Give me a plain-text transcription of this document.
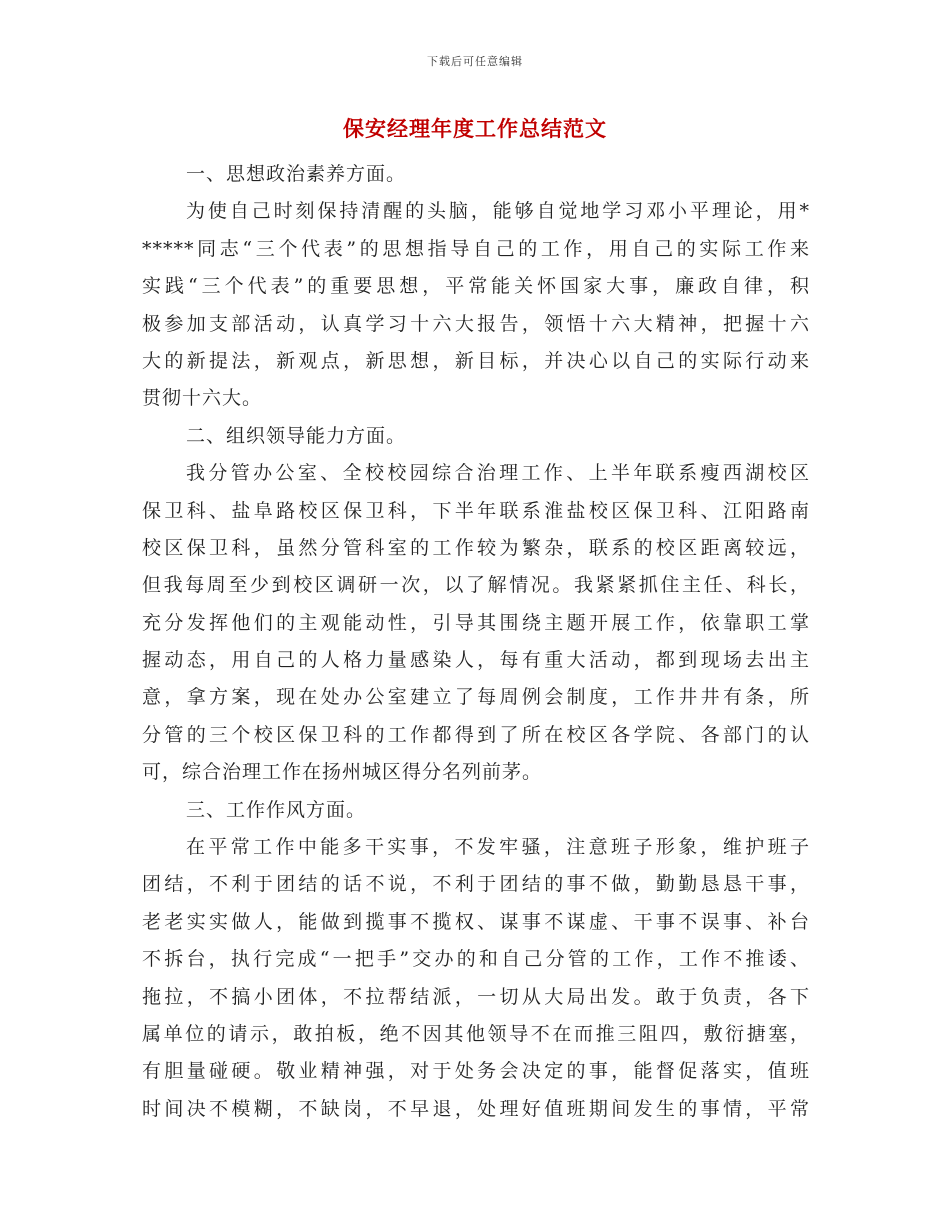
下载后可任意编辑
保安经理年度工作总结范文
一、思想政治素养方面。
为使自己时刻保持清醒的头脑，能够自觉地学习邓小平理论，用*
*****同志“三个代表”的思想指导自己的工作，用自己的实际工作来
实践“三个代表”的重要思想，平常能关怀国家大事，廉政自律，积
极参加支部活动，认真学习十六大报告，领悟十六大精神，把握十六
大的新提法，新观点，新思想，新目标，并决心以自己的实际行动来
贯彻十六大。
二、组织领导能力方面。
我分管办公室、全校校园综合治理工作、上半年联系瘦西湖校区
保卫科、盐阜路校区保卫科，下半年联系淮盐校区保卫科、江阳路南
校区保卫科，虽然分管科室的工作较为繁杂，联系的校区距离较远，
但我每周至少到校区调研一次，以了解情况。我紧紧抓住主任、科长，
充分发挥他们的主观能动性，引导其围绕主题开展工作，依靠职工掌
握动态，用自己的人格力量感染人，每有重大活动，都到现场去出主
意，拿方案，现在处办公室建立了每周例会制度，工作井井有条，所
分管的三个校区保卫科的工作都得到了所在校区各学院、各部门的认
可，综合治理工作在扬州城区得分名列前茅。
三、工作作风方面。
在平常工作中能多干实事，不发牢骚，注意班子形象，维护班子
团结，不利于团结的话不说，不利于团结的事不做，勤勤恳恳干事，
老老实实做人，能做到揽事不揽权、谋事不谋虚、干事不误事、补台
不拆台，执行完成“一把手”交办的和自己分管的工作，工作不推诿、
拖拉，不搞小团体，不拉帮结派，一切从大局出发。敢于负责，各下
属单位的请示，敢拍板，绝不因其他领导不在而推三阻四，敷衍搪塞，
有胆量碰硬。敬业精神强，对于处务会决定的事，能督促落实，值班
时间决不模糊，不缺岗，不早退，处理好值班期间发生的事情，平常
